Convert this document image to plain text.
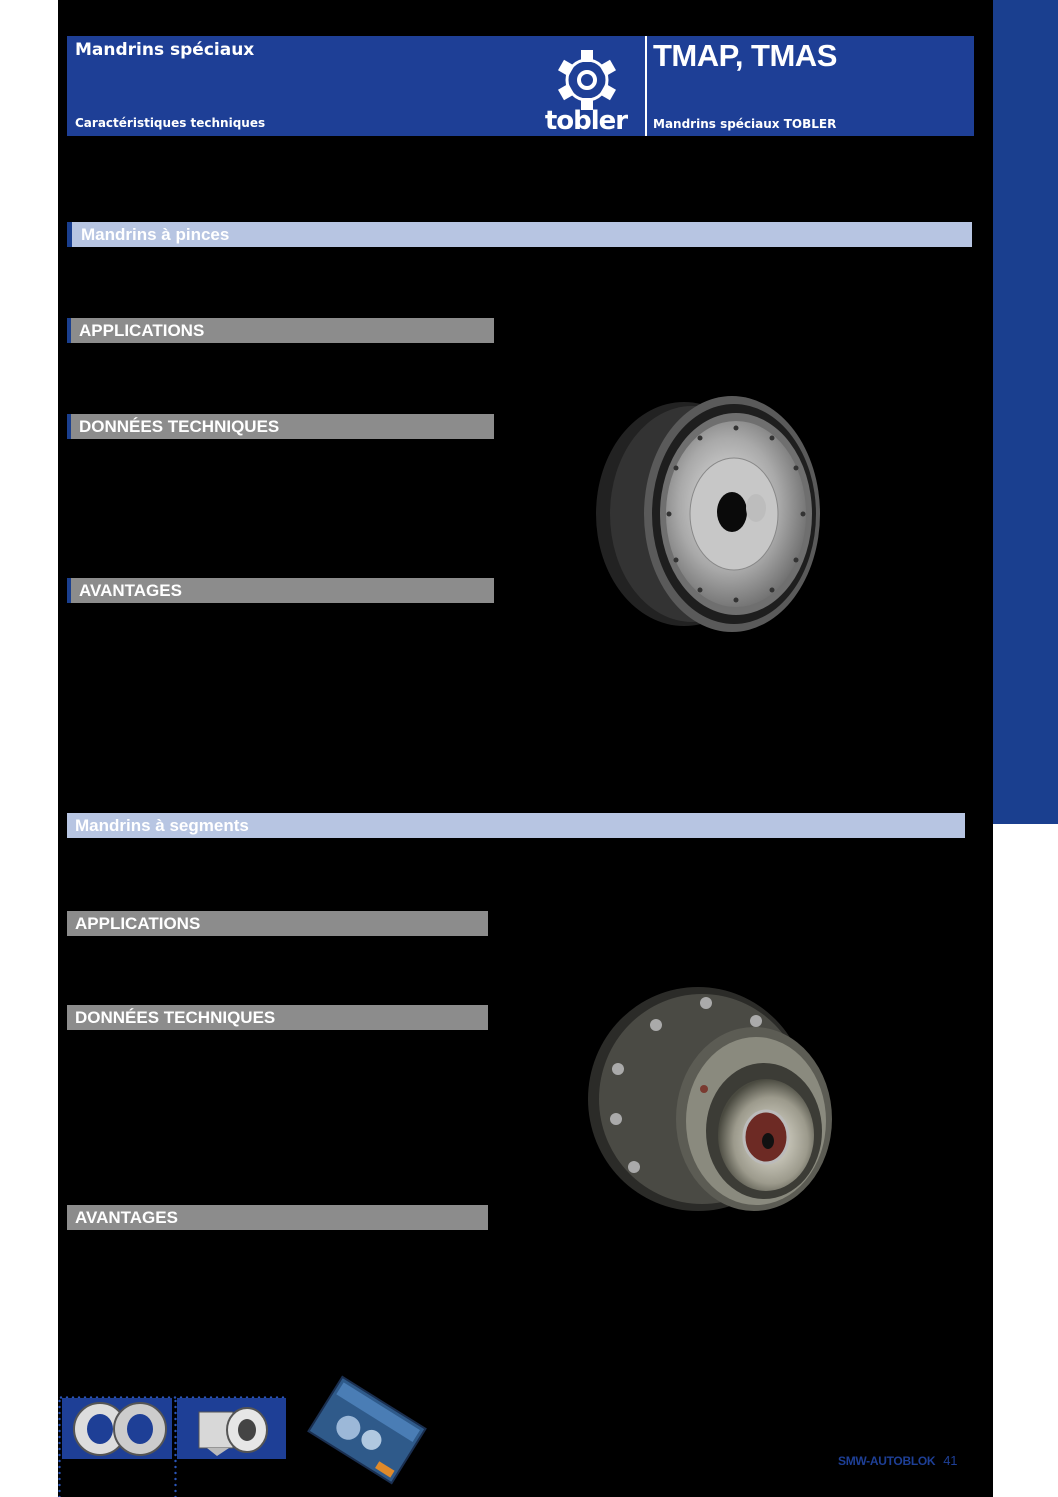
Mandrins spéciaux
Caractéristiques techniques	tobler
TMAP, TMAS
Mandrins spéciaux TOBLER
Mandrins à pinces
APPLICATIONS
DONNÉES TECHNIQUES
AVANTAGES
Mandrins à segments
APPLICATIONS
DONNÉES TECHNIQUES
AVANTAGES
SMW-AUTOBLOK 41
